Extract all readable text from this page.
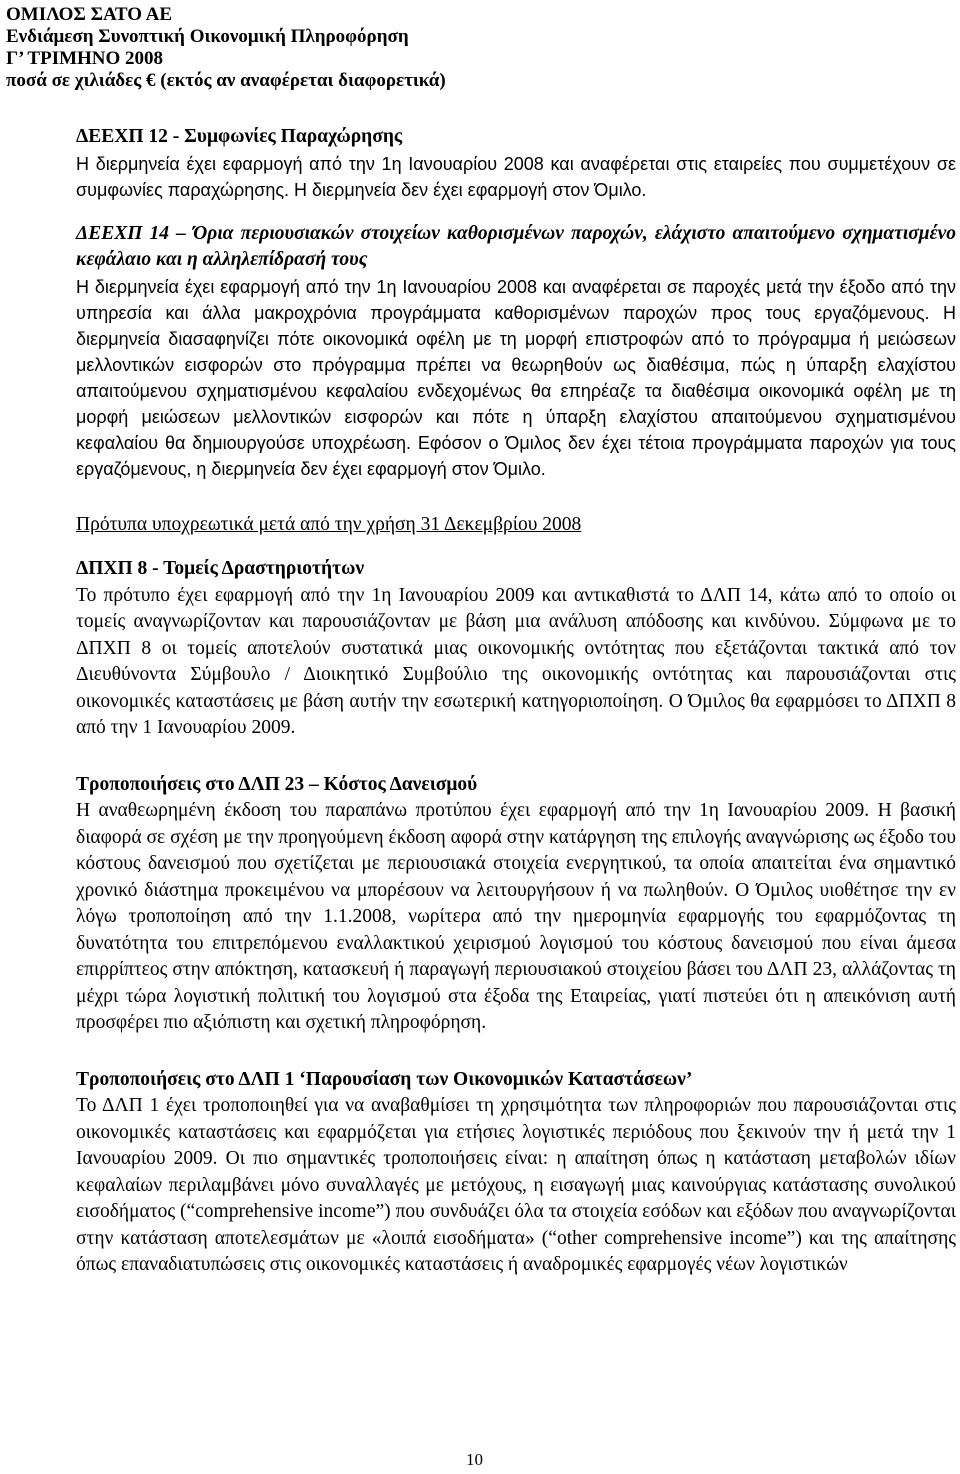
ΟΜΙΛΟΣ ΣΑΤΟ ΑΕ
Ενδιάμεση Συνοπτική Οικονομική Πληροφόρηση
Γ’ ΤΡΙΜΗΝΟ 2008
ποσά σε χιλιάδες € (εκτός αν αναφέρεται διαφορετικά)
ΔΕΕΧΠ 12 - Συμφωνίες Παραχώρησης

Η διερμηνεία έχει εφαρμογή από την 1η Ιανουαρίου 2008 και αναφέρεται στις εταιρείες που συμμετέχουν σε συμφωνίες παραχώρησης. Η διερμηνεία δεν έχει εφαρμογή στον Όμιλο.

ΔΕΕΧΠ 14 – Όρια περιουσιακών στοιχείων καθορισμένων παροχών, ελάχιστο απαιτούμενο σχηματισμένο κεφάλαιο και η αλληλεπίδρασή τους

Η διερμηνεία έχει εφαρμογή από την 1η Ιανουαρίου 2008 και αναφέρεται σε παροχές μετά την έξοδο από την υπηρεσία και άλλα μακροχρόνια προγράμματα καθορισμένων παροχών προς τους εργαζόμενους. Η διερμηνεία διασαφηνίζει πότε οικονομικά οφέλη με τη μορφή επιστροφών από το πρόγραμμα ή μειώσεων μελλοντικών εισφορών στο πρόγραμμα πρέπει να θεωρηθούν ως διαθέσιμα, πώς η ύπαρξη ελαχίστου απαιτούμενου σχηματισμένου κεφαλαίου ενδεχομένως θα επηρέαζε τα διαθέσιμα οικονομικά οφέλη με τη μορφή μειώσεων μελλοντικών εισφορών και πότε η ύπαρξη ελαχίστου απαιτούμενου σχηματισμένου κεφαλαίου θα δημιουργούσε υποχρέωση. Εφόσον ο Όμιλος δεν έχει τέτοια προγράμματα παροχών για τους εργαζόμενους, η διερμηνεία δεν έχει εφαρμογή στον Όμιλο.

Πρότυπα υποχρεωτικά μετά από την χρήση 31 Δεκεμβρίου 2008
ΔΠΧΠ 8 - Τομείς Δραστηριοτήτων

Το πρότυπο έχει εφαρμογή από την 1η Ιανουαρίου 2009 και αντικαθιστά το ΔΛΠ 14, κάτω από το οποίο οι τομείς αναγνωρίζονταν και παρουσιάζονταν με βάση μια ανάλυση απόδοσης και κινδύνου. Σύμφωνα με το ΔΠΧΠ 8 οι τομείς αποτελούν συστατικά μιας οικονομικής οντότητας που εξετάζονται τακτικά από τον Διευθύνοντα Σύμβουλο / Διοικητικό Συμβούλιο της οικονομικής οντότητας και παρουσιάζονται στις οικονομικές καταστάσεις με βάση αυτήν την εσωτερική κατηγοριοποίηση. Ο Όμιλος θα εφαρμόσει το ΔΠΧΠ 8 από την 1 Ιανουαρίου 2009.

Τροποποιήσεις στο ΔΛΠ 23 – Κόστος Δανεισμού

Η αναθεωρημένη έκδοση του παραπάνω προτύπου έχει εφαρμογή από την 1η Ιανουαρίου 2009. Η βασική διαφορά σε σχέση με την προηγούμενη έκδοση αφορά στην κατάργηση της επιλογής αναγνώρισης ως έξοδο του κόστους δανεισμού που σχετίζεται με περιουσιακά στοιχεία ενεργητικού, τα οποία απαιτείται ένα σημαντικό χρονικό διάστημα προκειμένου να μπορέσουν να λειτουργήσουν ή να πωληθούν. Ο Όμιλος υιοθέτησε την εν λόγω τροποποίηση από την 1.1.2008, νωρίτερα από την ημερομηνία εφαρμογής του εφαρμόζοντας τη δυνατότητα του επιτρεπόμενου εναλλακτικού χειρισμού λογισμού του κόστους δανεισμού που είναι άμεσα επιρρίπτεος στην απόκτηση, κατασκευή ή παραγωγή περιουσιακού στοιχείου βάσει του ΔΛΠ 23, αλλάζοντας τη μέχρι τώρα λογιστική πολιτική του λογισμού στα έξοδα της Εταιρείας, γιατί πιστεύει ότι η απεικόνιση αυτή προσφέρει πιο αξιόπιστη και σχετική πληροφόρηση.

Τροποποιήσεις στο ΔΛΠ 1 ‘Παρουσίαση των Οικονομικών Καταστάσεων’

Το ΔΛΠ 1 έχει τροποποιηθεί για να αναβαθμίσει τη χρησιμότητα των πληροφοριών που παρουσιάζονται στις οικονομικές καταστάσεις και εφαρμόζεται για ετήσιες λογιστικές περιόδους που ξεκινούν την ή μετά την 1 Ιανουαρίου 2009. Οι πιο σημαντικές τροποποιήσεις είναι: η απαίτηση όπως η κατάσταση μεταβολών ιδίων κεφαλαίων περιλαμβάνει μόνο συναλλαγές με μετόχους, η εισαγωγή μιας καινούργιας κατάστασης συνολικού εισοδήματος (“comprehensive income”) που συνδυάζει όλα τα στοιχεία εσόδων και εξόδων που αναγνωρίζονται στην κατάσταση αποτελεσμάτων με «λοιπά εισοδήματα» (“other comprehensive income”) και της απαίτησης όπως επαναδιατυπώσεις στις οικονομικές καταστάσεις ή αναδρομικές εφαρμογές νέων λογιστικών

10
